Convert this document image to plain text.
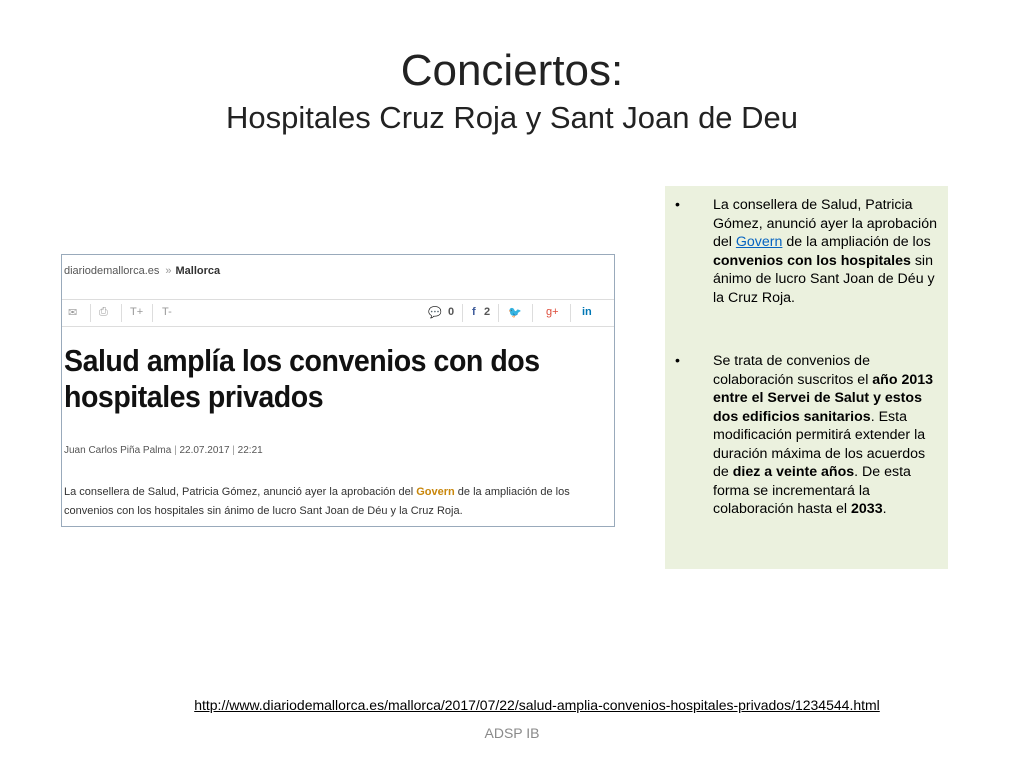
Conciertos:
Hospitales Cruz Roja y Sant Joan de Deu
diariodemallorca.es » Mallorca
✉ ⎙ T+ T-	💬 0 f 2 🐦 g+ in
Salud amplía los convenios con dos hospitales privados
Juan Carlos Piña Palma | 22.07.2017 | 22:21
La consellera de Salud, Patricia Gómez, anunció ayer la aprobación del Govern de la ampliación de los convenios con los hospitales sin ánimo de lucro Sant Joan de Déu y la Cruz Roja.
• La consellera de Salud, Patricia Gómez, anunció ayer la aprobación del Govern de la ampliación de los convenios con los hospitales sin ánimo de lucro Sant Joan de Déu y la Cruz Roja.
• Se trata de convenios de colaboración suscritos el año 2013 entre el Servei de Salut y estos dos edificios sanitarios. Esta modificación permitirá extender la duración máxima de los acuerdos de diez a veinte años. De esta forma se incrementará la colaboración hasta el 2033.
http://www.diariodemallorca.es/mallorca/2017/07/22/salud-amplia-convenios-hospitales-privados/1234544.html
ADSP IB
